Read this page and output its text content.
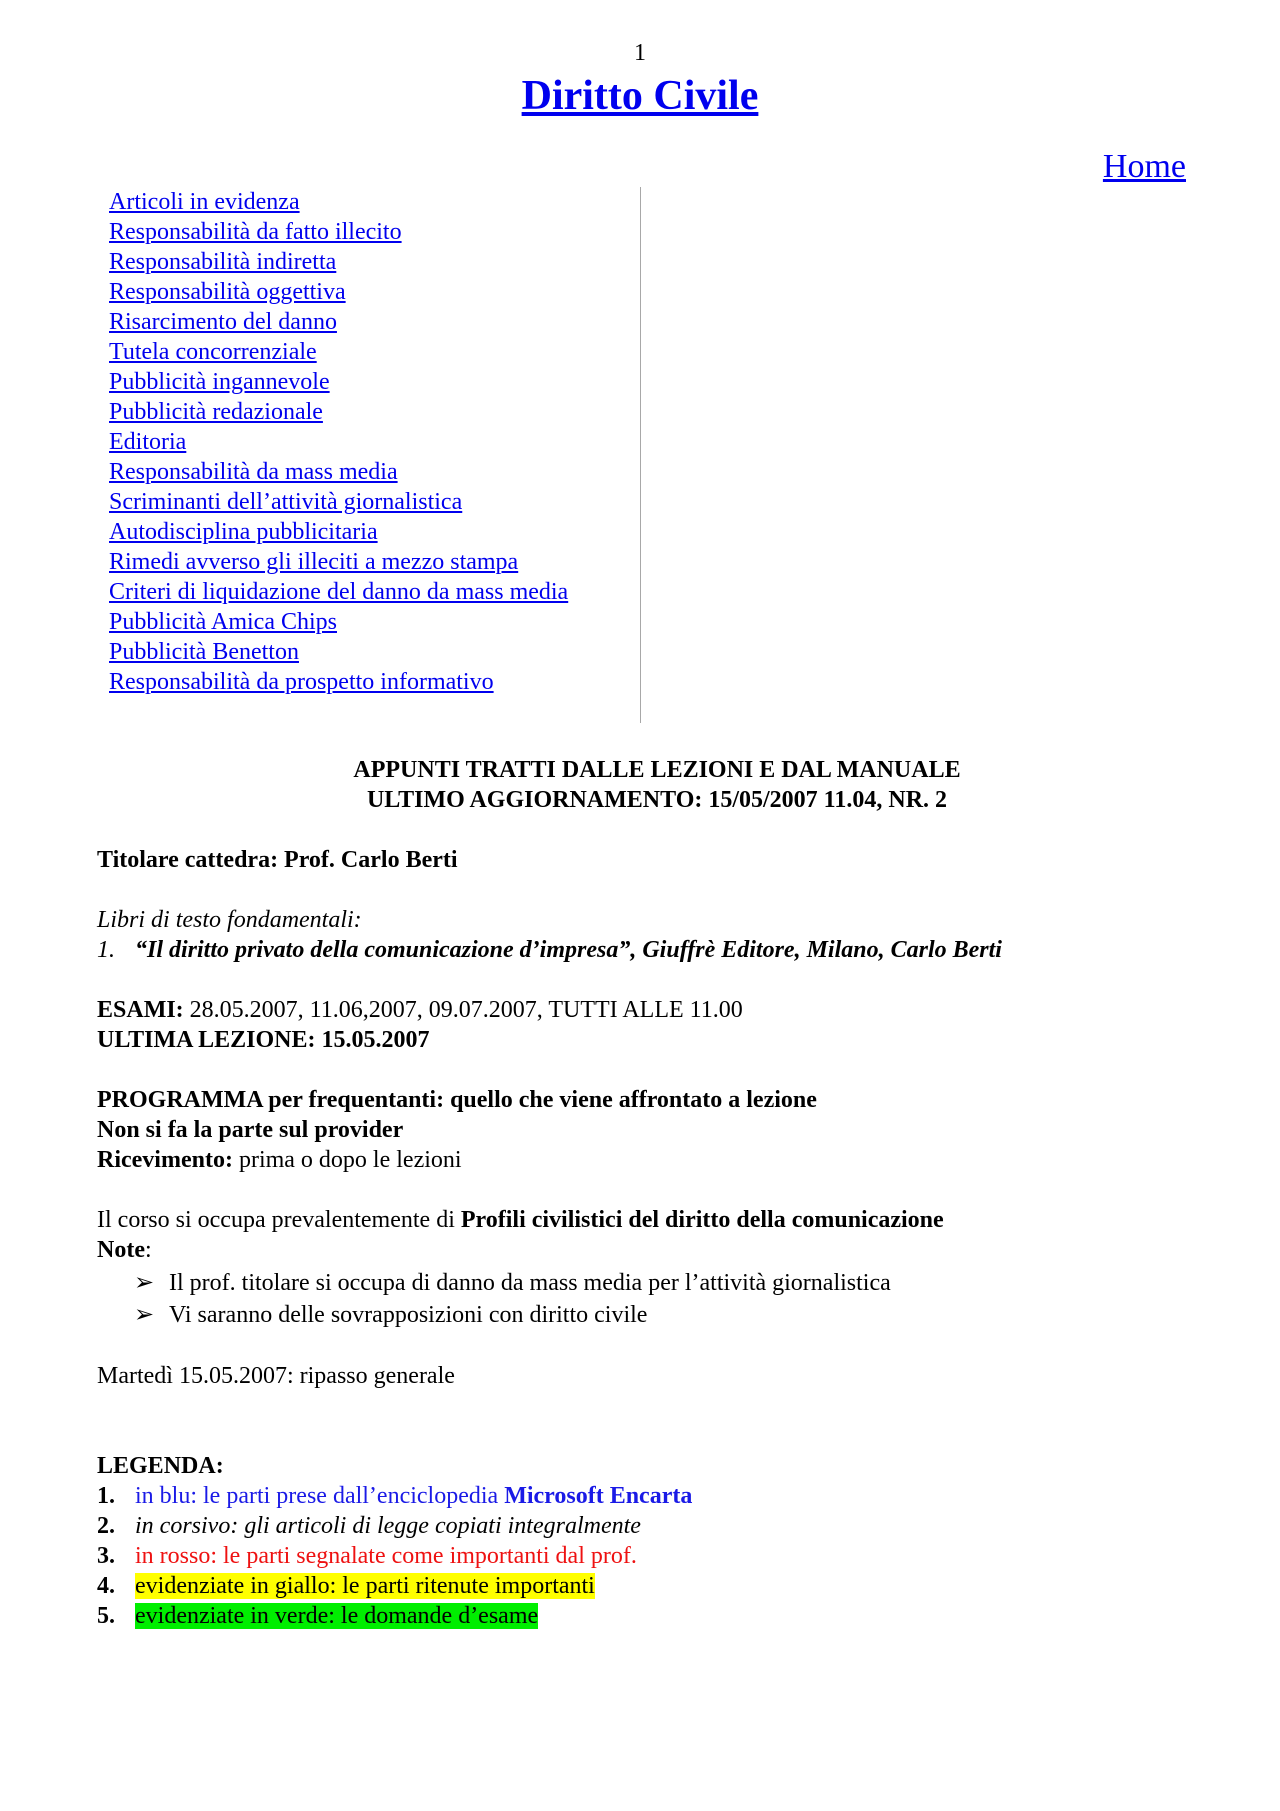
1
Diritto Civile
Home
Articoli in evidenza
Responsabilità da fatto illecito
Responsabilità indiretta
Responsabilità oggettiva
Risarcimento del danno
Tutela concorrenziale
Pubblicità ingannevole
Pubblicità redazionale
Editoria
Responsabilità da mass media
Scriminanti dell’attività giornalistica
Autodisciplina pubblicitaria
Rimedi avverso gli illeciti a mezzo stampa
Criteri di liquidazione del danno da mass media
Pubblicità Amica Chips
Pubblicità Benetton
Responsabilità da prospetto informativo

APPUNTI TRATTI DALLE LEZIONI E DAL MANUALE

ULTIMO AGGIORNAMENTO: 15/05/2007 11.04, NR. 2

Titolare cattedra: Prof. Carlo Berti

Libri di testo fondamentali:

1. “Il diritto privato della comunicazione d’impresa”, Giuffrè Editore, Milano, Carlo Berti

ESAMI: 28.05.2007, 11.06,2007, 09.07.2007, TUTTI ALLE 11.00

ULTIMA LEZIONE: 15.05.2007

PROGRAMMA per frequentanti: quello che viene affrontato a lezione

Non si fa la parte sul provider

Ricevimento: prima o dopo le lezioni

Il corso si occupa prevalentemente di Profili civilistici del diritto della comunicazione

Note:

➢ Il prof. titolare si occupa di danno da mass media per l’attività giornalistica
➢ Vi saranno delle sovrapposizioni con diritto civile

Martedì 15.05.2007: ripasso generale

LEGENDA:

1. in blu: le parti prese dall’enciclopedia Microsoft Encarta
2. in corsivo: gli articoli di legge copiati integralmente
3. in rosso: le parti segnalate come importanti dal prof.
4. evidenziate in giallo: le parti ritenute importanti
5. evidenziate in verde: le domande d’esame
